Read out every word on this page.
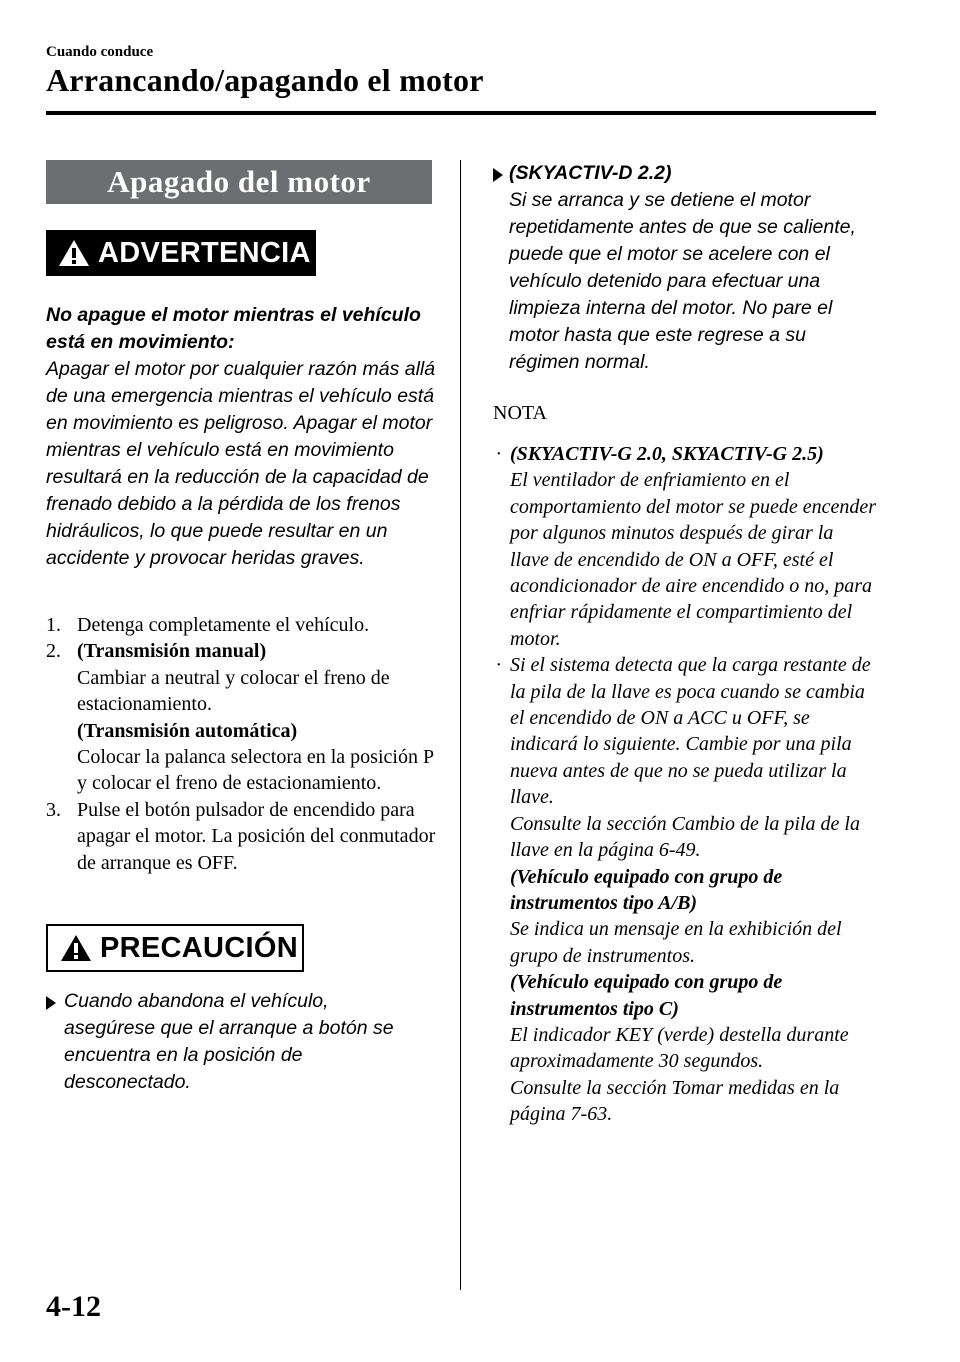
Cuando conduce
Arrancando/apagando el motor
Apagado del motor
ADVERTENCIA
No apague el motor mientras el vehículo está en movimiento:
Apagar el motor por cualquier razón más allá de una emergencia mientras el vehículo está en movimiento es peligroso. Apagar el motor mientras el vehículo está en movimiento resultará en la reducción de la capacidad de frenado debido a la pérdida de los frenos hidráulicos, lo que puede resultar en un accidente y provocar heridas graves.
1. Detenga completamente el vehículo.
2. (Transmisión manual)
Cambiar a neutral y colocar el freno de estacionamiento.
(Transmisión automática)
Colocar la palanca selectora en la posición P y colocar el freno de estacionamiento.
3. Pulse el botón pulsador de encendido para apagar el motor. La posición del conmutador de arranque es OFF.
PRECAUCIÓN
Cuando abandona el vehículo, asegúrese que el arranque a botón se encuentra en la posición de desconectado.
(SKYACTIV-D 2.2)
Si se arranca y se detiene el motor repetidamente antes de que se caliente, puede que el motor se acelere con el vehículo detenido para efectuar una limpieza interna del motor. No pare el motor hasta que este regrese a su régimen normal.
NOTA
· (SKYACTIV-G 2.0, SKYACTIV-G 2.5)
El ventilador de enfriamiento en el comportamiento del motor se puede encender por algunos minutos después de girar la llave de encendido de ON a OFF, esté el acondicionador de aire encendido o no, para enfriar rápidamente el compartimiento del motor.
· Si el sistema detecta que la carga restante de la pila de la llave es poca cuando se cambia el encendido de ON a ACC u OFF, se indicará lo siguiente. Cambie por una pila nueva antes de que no se pueda utilizar la llave.
Consulte la sección Cambio de la pila de la llave en la página 6-49.
(Vehículo equipado con grupo de instrumentos tipo A/B)
Se indica un mensaje en la exhibición del grupo de instrumentos.
(Vehículo equipado con grupo de instrumentos tipo C)
El indicador KEY (verde) destella durante aproximadamente 30 segundos.
Consulte la sección Tomar medidas en la página 7-63.
4-12
